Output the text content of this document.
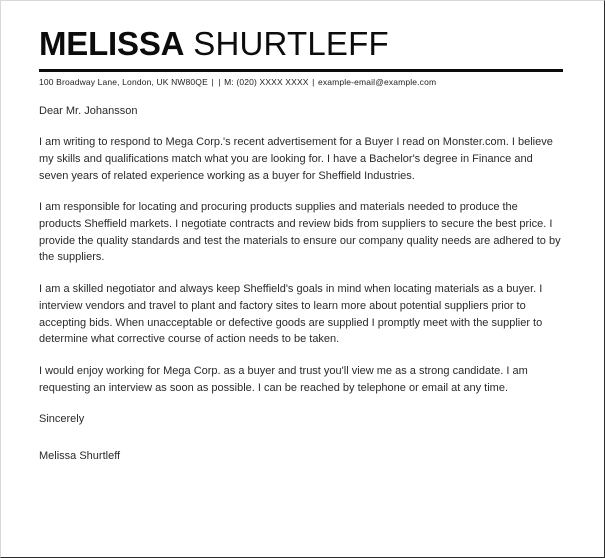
MELISSA SHURTLEFF
100 Broadway Lane, London, UK NW80QE | | M: (020) XXXX XXXX | example-email@example.com

Dear Mr. Johansson

I am writing to respond to Mega Corp.'s recent advertisement for a Buyer I read on Monster.com. I believe my skills and qualifications match what you are looking for. I have a Bachelor's degree in Finance and seven years of related experience working as a buyer for Sheffield Industries.

I am responsible for locating and procuring products supplies and materials needed to produce the products Sheffield markets. I negotiate contracts and review bids from suppliers to secure the best price. I provide the quality standards and test the materials to ensure our company quality needs are adhered to by the suppliers.

I am a skilled negotiator and always keep Sheffield's goals in mind when locating materials as a buyer. I interview vendors and travel to plant and factory sites to learn more about potential suppliers prior to accepting bids. When unacceptable or defective goods are supplied I promptly meet with the supplier to determine what corrective course of action needs to be taken.

I would enjoy working for Mega Corp. as a buyer and trust you'll view me as a strong candidate. I am requesting an interview as soon as possible. I can be reached by telephone or email at any time.

Sincerely

Melissa Shurtleff
